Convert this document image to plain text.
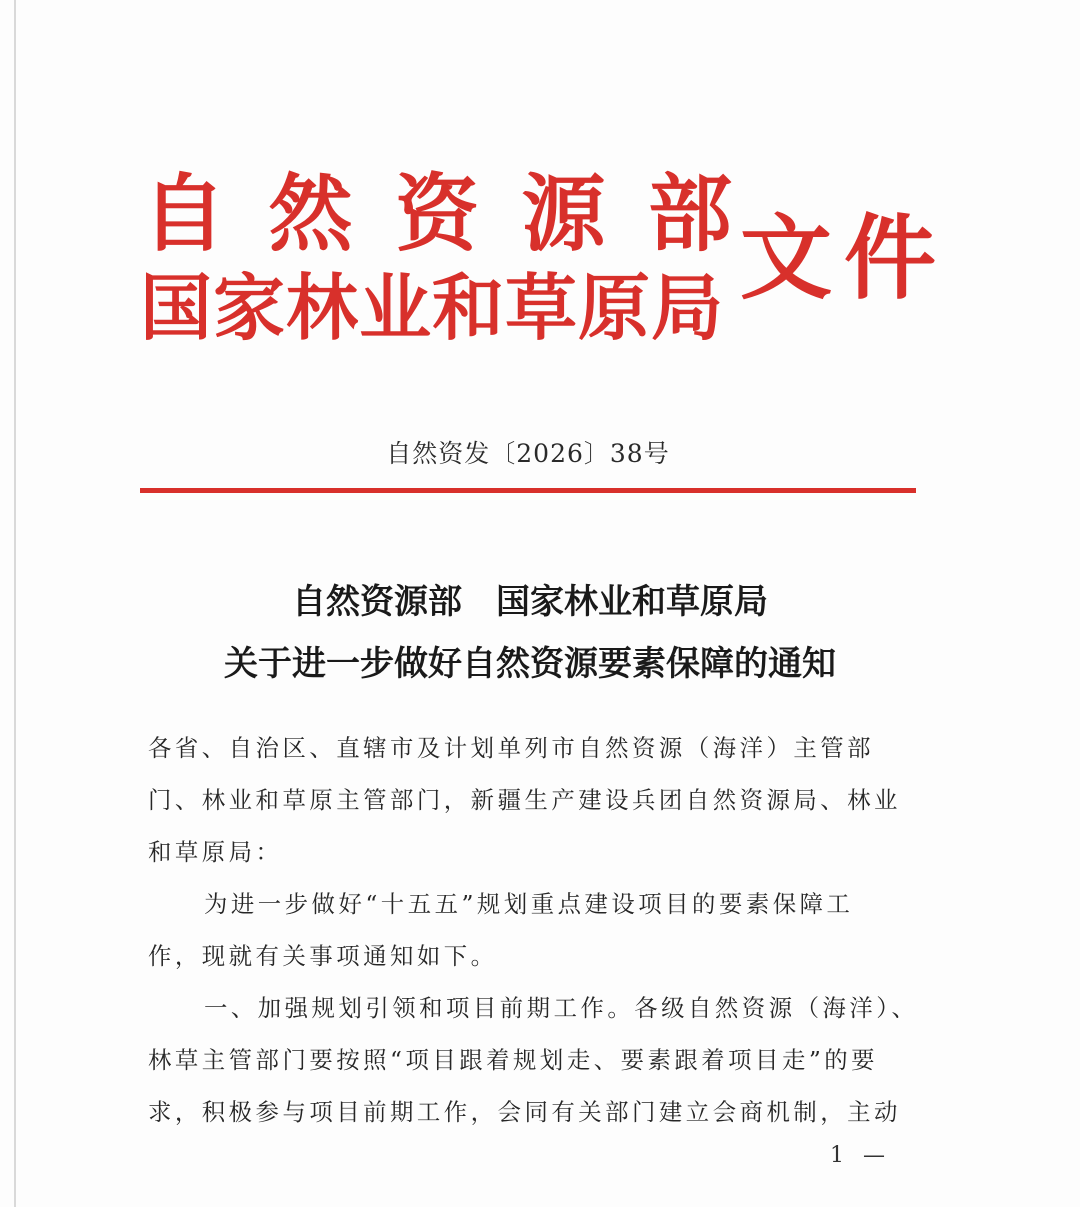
自 然 资 源 部
国家林业和草原局 文件
自然资发〔2026〕38号
自然资源部 国家林业和草原局
关于进一步做好自然资源要素保障的通知
各省、自治区、直辖市及计划单列市自然资源（海洋）主管部
门、林业和草原主管部门，新疆生产建设兵团自然资源局、林业
和草原局：
为进一步做好“十五五”规划重点建设项目的要素保障工
作，现就有关事项通知如下。
一、加强规划引领和项目前期工作。各级自然资源（海洋）、
林草主管部门要按照“项目跟着规划走、要素跟着项目走”的要
求，积极参与项目前期工作，会同有关部门建立会商机制，主动
1 —
